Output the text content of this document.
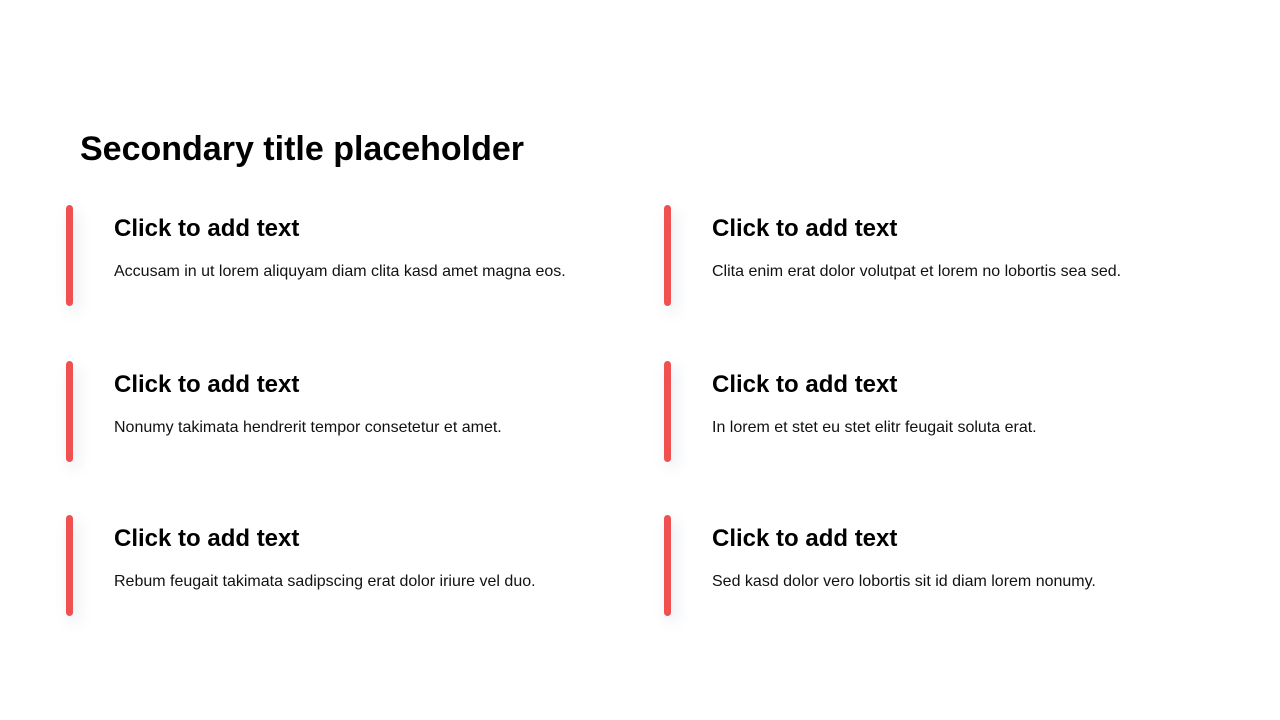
Secondary title placeholder
Click to add text

Accusam in ut lorem aliquyam diam clita kasd amet magna eos.

Click to add text

Clita enim erat dolor volutpat et lorem no lobortis sea sed.

Click to add text

Nonumy takimata hendrerit tempor consetetur et amet.

Click to add text

In lorem et stet eu stet elitr feugait soluta erat.

Click to add text

Rebum feugait takimata sadipscing erat dolor iriure vel duo.

Click to add text

Sed kasd dolor vero lobortis sit id diam lorem nonumy.
